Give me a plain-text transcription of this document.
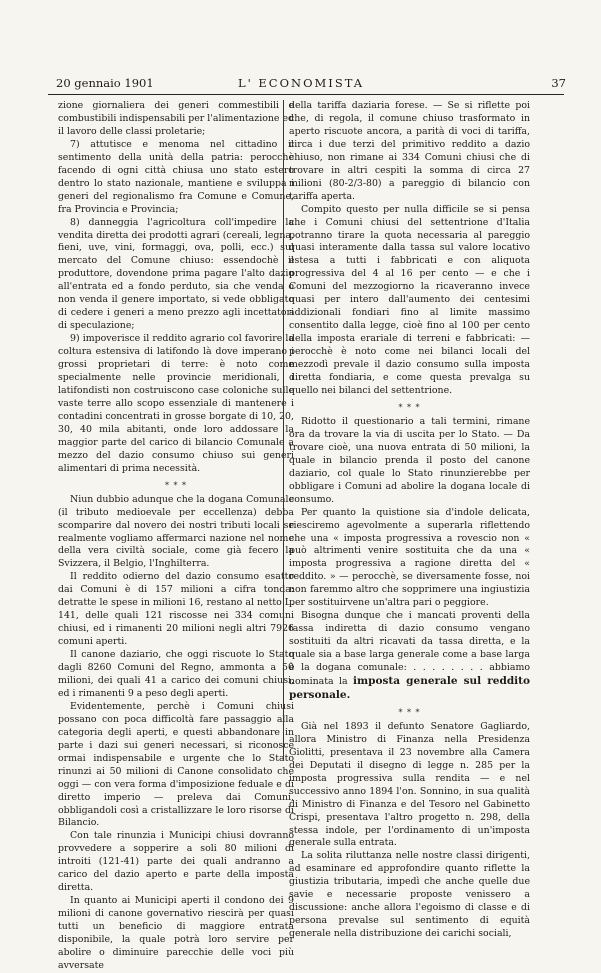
20 gennaio 1901	L' ECONOMISTA	37

zione giornaliera dei generi commestibili e combustibili indispensabili per l'alimentazione ed il lavoro delle classi proletarie;

7) attutisce e menoma nel cittadino il sentimento della unità della patria: perocchè facendo di ogni città chiusa uno stato estero dentro lo stato nazionale, mantiene e sviluppa i generi del regionalismo fra Comune e Comune, fra Provincia e Provincia;

8) danneggia l'agricoltura coll'impedire la vendita diretta dei prodotti agrari (cereali, legna, fieni, uve, vini, formaggi, ova, polli, ecc.) sul mercato del Comune chiuso: essendochè il produttore, dovendone prima pagare l'alto dazio all'entrata ed a fondo perduto, sia che venda o non venda il genere importato, si vede obbligato di cedere i generi a meno prezzo agli incettatori di speculazione;

9) impoverisce il reddito agrario col favorire la coltura estensiva di latifondo là dove imperano i grossi proprietari di terre: è noto come specialmente nelle provincie meridionali, i latifondisti non costruiscono case coloniche sulle vaste terre allo scopo essenziale di mantenere i contadini concentrati in grosse borgate di 10, 20, 30, 40 mila abitanti, onde loro addossare la maggior parte del carico di bilancio Comunale a mezzo del dazio consumo chiuso sui generi alimentari di prima necessità.

* * *

Niun dubbio adunque che la dogana Comunale (il tributo medioevale per eccellenza) debba scomparire dal novero dei nostri tributi locali se realmente vogliamo affermarci nazione nel nome della vera civiltà sociale, come già fecero la Svizzera, il Belgio, l'Inghilterra.

Il reddito odierno del dazio consumo esatto dai Comuni è di 157 milioni a cifra tonda: detratte le spese in milioni 16, restano al netto L. 141, delle quali 121 riscosse nei 334 comuni chiusi, ed i rimanenti 20 milioni negli altri 7926 comuni aperti.

Il canone daziario, che oggi riscuote lo Stato dagli 8260 Comuni del Regno, ammonta a 50 milioni, dei quali 41 a carico dei comuni chiusi, ed i rimanenti 9 a peso degli aperti.

Evidentemente, perchè i Comuni chiusi possano con poca difficoltà fare passaggio alla categoria degli aperti, e questi abbandonare in parte i dazi sui generi necessari, si riconosce ormai indispensabile e urgente che lo Stato rinunzi ai 50 milioni di Canone consolidato che oggi — con vera forma d'imposizione feduale e di diretto imperio — preleva dai Comuni, obbligandoli così a cristallizzare le loro risorse di Bilancio.

Con tale rinunzia i Municipi chiusi dovranno provvedere a sopperire a soli 80 milioni di introiti (121-41) parte dei quali andranno a carico del dazio aperto e parte della imposta diretta.

In quanto ai Municipi aperti il condono dei 9 milioni di canone governativo riescirà per quasi tutti un beneficio di maggiore entrata disponibile, la quale potrà loro servire per abolire o diminuire parecchie delle voci più avversate

della tariffa daziaria forese. — Se si riflette poi che, di regola, il comune chiuso trasformato in aperto riscuote ancora, a parità di voci di tariffa, circa i due terzi del primitivo reddito a dazio chiuso, non rimane ai 334 Comuni chiusi che di trovare in altri cespiti la somma di circa 27 milioni (80-2/3-80) a pareggio di bilancio con tariffa aperta.

Compito questo per nulla difficile se si pensa che i Comuni chiusi del settentrione d'Italia potranno tirare la quota necessaria al pareggio quasi interamente dalla tassa sul valore locativo estesa a tutti i fabbricati e con aliquota progressiva del 4 al 16 per cento — e che i Comuni del mezzogiorno la ricaveranno invece quasi per intero dall'aumento dei centesimi addizionali fondiari fino al limite massimo consentito dalla legge, cioè fino al 100 per cento della imposta erariale di terreni e fabbricati: — perocchè è noto come nei bilanci locali del mezzodì prevale il dazio consumo sulla imposta diretta fondiaria, e come questa prevalga su quello nei bilanci del settentrione.

* * *

Ridotto il questionario a tali termini, rimane ora da trovare la via di uscita per lo Stato. — Da trovare cioè, una nuova entrata di 50 milioni, la quale in bilancio prenda il posto del canone daziario, col quale lo Stato rinunzierebbe per obbligare i Comuni ad abolire la dogana locale di consumo.

Per quanto la quistione sia d'indole delicata, riesciremo agevolmente a superarla riflettendo che una « imposta progressiva a rovescio non « può altrimenti venire sostituita che da una « imposta progressiva a ragione diretta del « reddito. » — perocchè, se diversamente fosse, noi non faremmo altro che sopprimere una ingiustizia per sostituirvene un'altra pari o peggiore.

Bisogna dunque che i mancati proventi della tassa indiretta di dazio consumo vengano sostituiti da altri ricavati da tassa diretta, e la quale sia a base larga generale come a base larga è la dogana comunale: . . . . . . . . abbiamo nominata la imposta generale sul reddito personale.

* * *

Già nel 1893 il defunto Senatore Gagliardo, allora Ministro di Finanza nella Presidenza Giolitti, presentava il 23 novembre alla Camera dei Deputati il disegno di legge n. 285 per la imposta progressiva sulla rendita — e nel successivo anno 1894 l'on. Sonnino, in sua qualità di Ministro di Finanza e del Tesoro nel Gabinetto Crispi, presentava l'altro progetto n. 298, della stessa indole, per l'ordinamento di un'imposta generale sulla entrata.

La solita riluttanza nelle nostre classi dirigenti, ad esaminare ed approfondire quanto riflette la giustizia tributaria, impedì che anche quelle due savie e necessarie proposte venissero a discussione: anche allora l'egoismo di classe e di persona prevalse sul sentimento di equità generale nella distribuzione dei carichi sociali,
